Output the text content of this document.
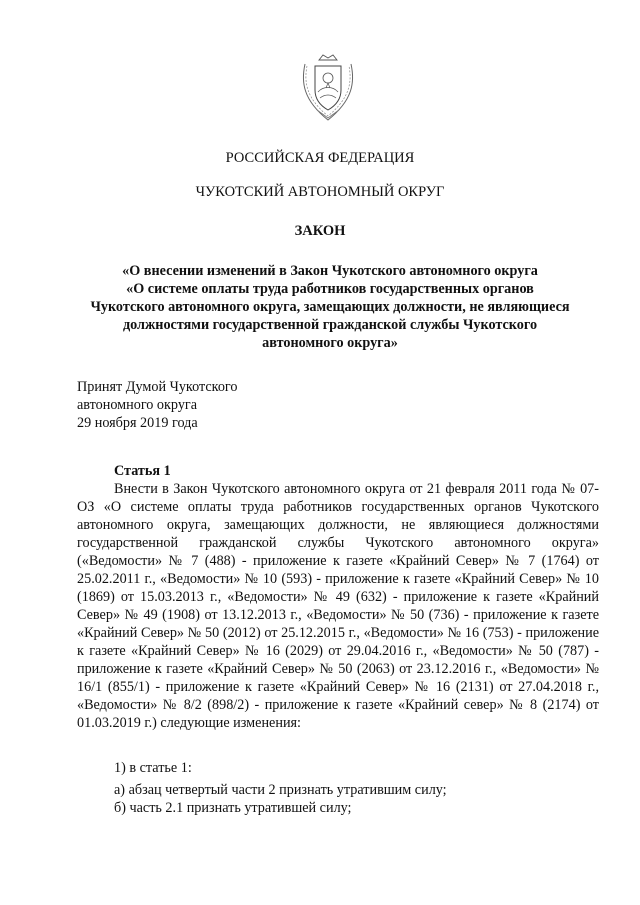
РОССИЙСКАЯ ФЕДЕРАЦИЯ
ЧУКОТСКИЙ АВТОНОМНЫЙ ОКРУГ
ЗАКОН
«О внесении изменений в Закон Чукотского автономного округа
«О системе оплаты труда работников государственных органов
Чукотского автономного округа, замещающих должности, не являющиеся
должностями государственной гражданской службы Чукотского
автономного округа»
Принят Думой Чукотского
автономного округа
29 ноября 2019 года
Статья 1

Внести в Закон Чукотского автономного округа от 21 февраля 2011 года № 07-ОЗ «О системе оплаты труда работников государственных органов Чукотского автономного округа, замещающих должности, не являющиеся должностями государственной гражданской службы Чукотского автономного округа» («Ведомости» № 7 (488) - приложение к газете «Крайний Север» № 7 (1764) от 25.02.2011 г., «Ведомости» № 10 (593) - приложение к газете «Крайний Север» № 10 (1869) от 15.03.2013 г., «Ведомости» № 49 (632) - приложение к газете «Крайний Север» № 49 (1908) от 13.12.2013 г., «Ведомости» № 50 (736) - приложение к газете «Крайний Север» № 50 (2012) от 25.12.2015 г., «Ведомости» № 16 (753) - приложение к газете «Крайний Север» № 16 (2029) от 29.04.2016 г., «Ведомости» № 50 (787) - приложение к газете «Крайний Север» № 50 (2063) от 23.12.2016 г., «Ведомости» № 16/1 (855/1) - приложение к газете «Крайний Север» № 16 (2131) от 27.04.2018 г., «Ведомости» № 8/2 (898/2) - приложение к газете «Крайний север» № 8 (2174) от 01.03.2019 г.) следующие изменения:

1) в статье 1:
а) абзац четвертый части 2 признать утратившим силу;
б) часть 2.1 признать утратившей силу;
